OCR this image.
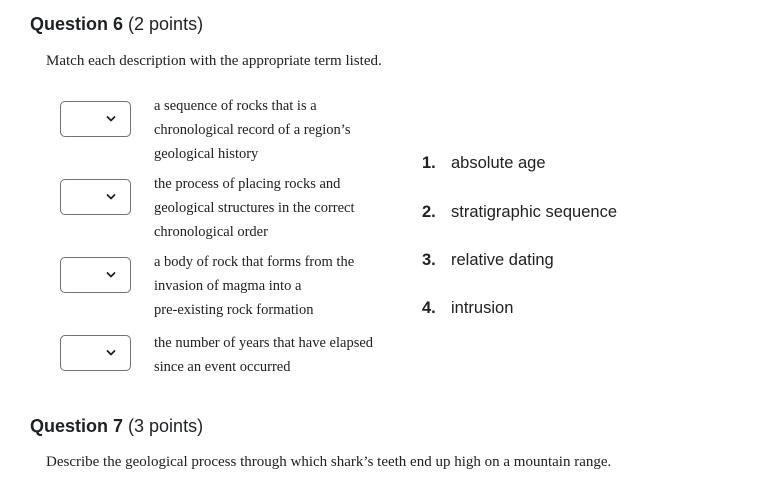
Question 6 (2 points)
Match each description with the appropriate term listed.
a sequence of rocks that is a
chronological record of a region’s
geological history
the process of placing rocks and
geological structures in the correct
chronological order
a body of rock that forms from the
invasion of magma into a
pre-existing rock formation
the number of years that have elapsed
since an event occurred
1. absolute age
2. stratigraphic sequence
3. relative dating
4. intrusion
Question 7 (3 points)
Describe the geological process through which shark’s teeth end up high on a mountain range.
